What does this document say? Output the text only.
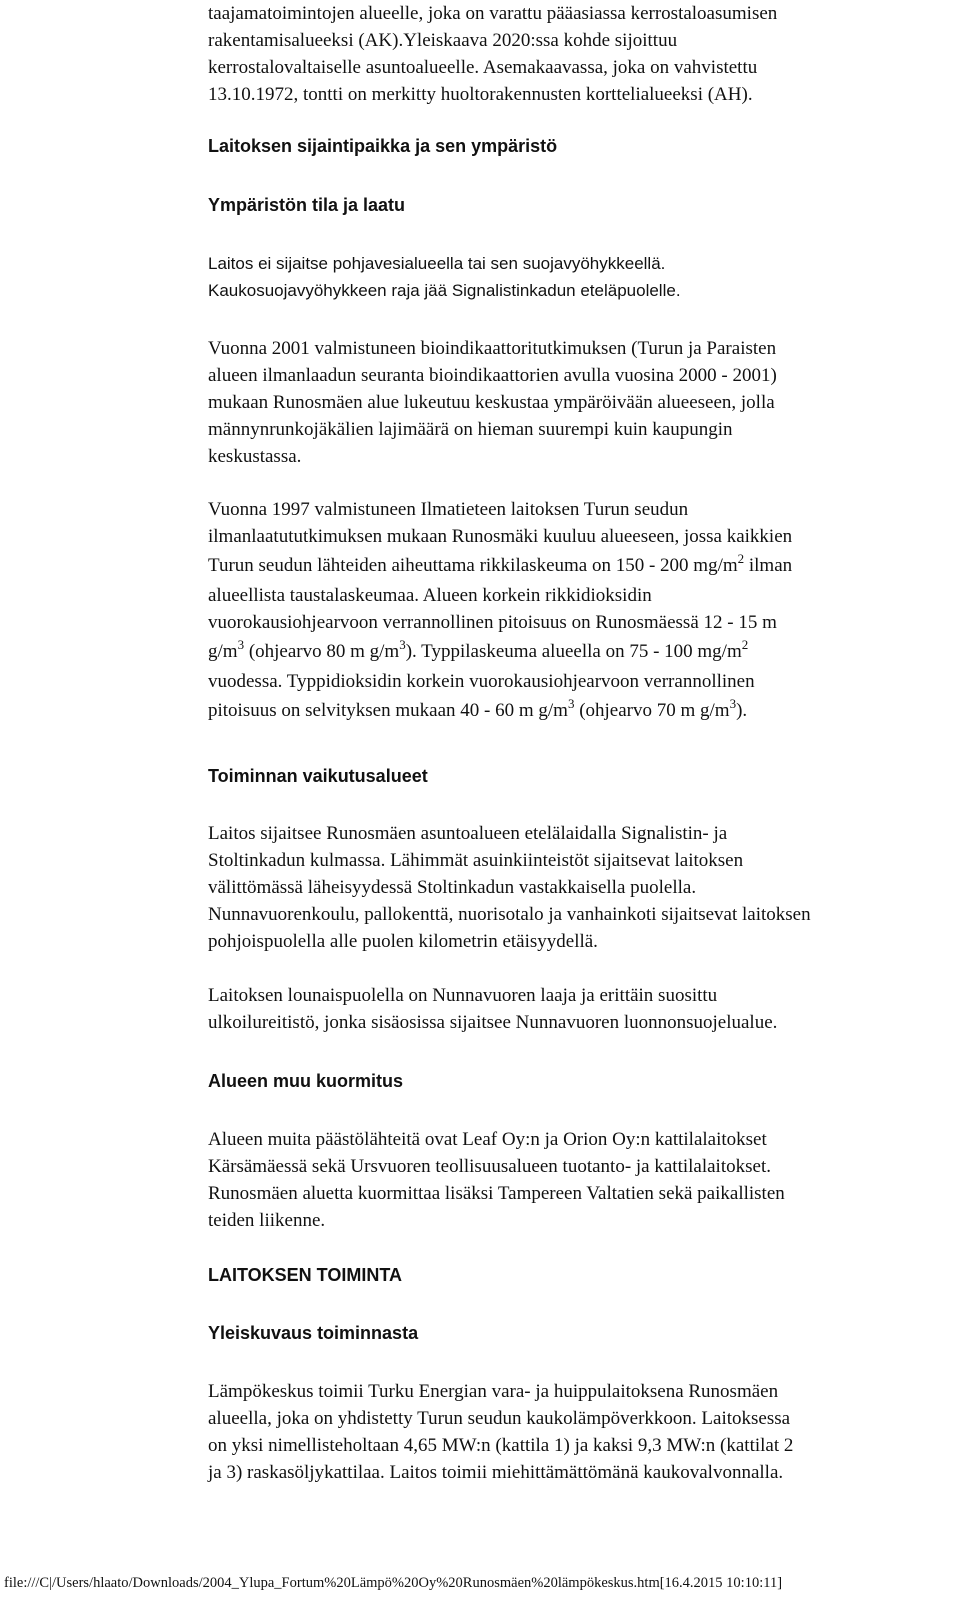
taajamatoimintojen alueelle, joka on varattu pääasiassa kerrostaloasumisen
rakentamisalueeksi (AK).Yleiskaava 2020:ssa kohde sijoittuu
kerrostalovaltaiselle asuntoalueelle. Asemakaavassa, joka on vahvistettu
13.10.1972, tontti on merkitty huoltorakennusten korttelialueeksi (AH).

Laitoksen sijaintipaikka ja sen ympäristö
Ympäristön tila ja laatu

Laitos ei sijaitse pohjavesialueella tai sen suojavyöhykkeellä.
Kaukosuojavyöhykkeen raja jää Signalistinkadun eteläpuolelle.

Vuonna 2001 valmistuneen bioindikaattoritutkimuksen (Turun ja Paraisten
alueen ilmanlaadun seuranta bioindikaattorien avulla vuosina 2000 - 2001)
mukaan Runosmäen alue lukeutuu keskustaa ympäröivään alueeseen, jolla
männynrunkojäkälien lajimäärä on hieman suurempi kuin kaupungin
keskustassa.

Vuonna 1997 valmistuneen Ilmatieteen laitoksen Turun seudun
ilmanlaatututkimuksen mukaan Runosmäki kuuluu alueeseen, jossa kaikkien
Turun seudun lähteiden aiheuttama rikkilaskeuma on 150 - 200 $mg/m^2$ ilman
alueellista taustalaskeumaa. Alueen korkein rikkidioksidin
vuorokausiohjearvoon verrannollinen pitoisuus on Runosmäessä 12 - 15 m
$g/m^3$ (ohjearvo 80 m $g/m^3$). Typpilaskeuma alueella on 75 - 100 $mg/m^2$
vuodessa. Typpidioksidin korkein vuorokausiohjearvoon verrannollinen
pitoisuus on selvityksen mukaan 40 - 60 m $g/m^3$ (ohjearvo 70 m $g/m^3$).

Toiminnan vaikutusalueet

Laitos sijaitsee Runosmäen asuntoalueen etelälaidalla Signalistin- ja
Stoltinkadun kulmassa. Lähimmät asuinkiinteistöt sijaitsevat laitoksen
välittömässä läheisyydessä Stoltinkadun vastakkaisella puolella.
Nunnavuorenkoulu, pallokenttä, nuorisotalo ja vanhainkoti sijaitsevat laitoksen
pohjoispuolella alle puolen kilometrin etäisyydellä.

Laitoksen lounaispuolella on Nunnavuoren laaja ja erittäin suosittu
ulkoilureitistö, jonka sisäosissa sijaitsee Nunnavuoren luonnonsuojelualue.

Alueen muu kuormitus

Alueen muita päästölähteitä ovat Leaf Oy:n ja Orion Oy:n kattilalaitokset
Kärsämäessä sekä Ursvuoren teollisuusalueen tuotanto- ja kattilalaitokset.
Runosmäen aluetta kuormittaa lisäksi Tampereen Valtatien sekä paikallisten
teiden liikenne.

LAITOKSEN TOIMINTA
Yleiskuvaus toiminnasta

Lämpökeskus toimii Turku Energian vara- ja huippulaitoksena Runosmäen
alueella, joka on yhdistetty Turun seudun kaukolämpöverkkoon. Laitoksessa
on yksi nimellisteholtaan 4,65 MW:n (kattila 1) ja kaksi 9,3 MW:n (kattilat 2
ja 3) raskasöljykattilaa. Laitos toimii miehittämättömänä kaukovalvonnalla.

file:///C|/Users/hlaato/Downloads/2004_Ylupa_Fortum%20Lämpö%20Oy%20Runosmäen%20lämpökeskus.htm[16.4.2015 10:10:11]
